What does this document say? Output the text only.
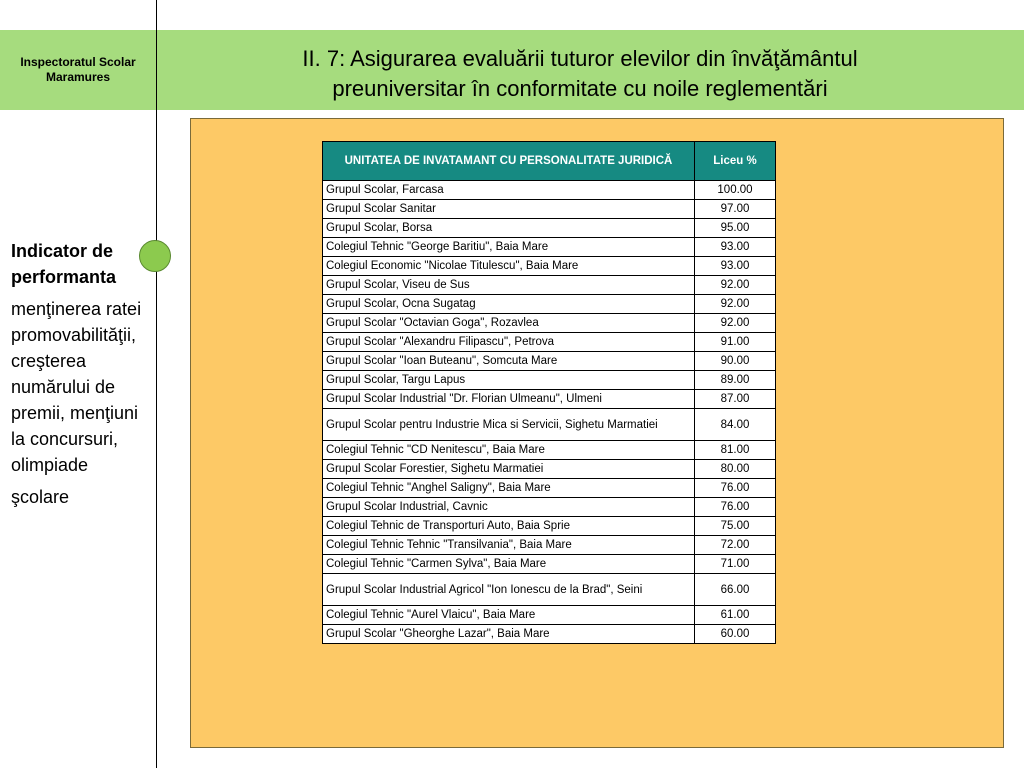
Inspectoratul Scolar
Maramures
II. 7: Asigurarea evaluării tuturor elevilor din învăţământul
preuniversitar în conformitate cu noile reglementări
Indicator de performanta
menţinerea ratei promovabilităţii, creşterea numărului de premii, menţiuni la concursuri, olimpiade
şcolare
UNITATEA DE INVATAMANT CU PERSONALITATE JURIDICĂ	Liceu %
Grupul Scolar, Farcasa	100.00
Grupul Scolar Sanitar	97.00
Grupul Scolar, Borsa	95.00
Colegiul Tehnic "George Baritiu", Baia Mare	93.00
Colegiul Economic "Nicolae Titulescu", Baia Mare	93.00
Grupul Scolar, Viseu de Sus	92.00
Grupul Scolar, Ocna Sugatag	92.00
Grupul Scolar "Octavian Goga", Rozavlea	92.00
Grupul Scolar "Alexandru Filipascu", Petrova	91.00
Grupul Scolar "Ioan Buteanu", Somcuta Mare	90.00
Grupul Scolar, Targu Lapus	89.00
Grupul Scolar Industrial "Dr. Florian Ulmeanu", Ulmeni	87.00
Grupul Scolar pentru Industrie Mica si Servicii, Sighetu Marmatiei	84.00
Colegiul Tehnic "CD Nenitescu", Baia Mare	81.00
Grupul Scolar Forestier, Sighetu Marmatiei	80.00
Colegiul Tehnic "Anghel Saligny", Baia Mare	76.00
Grupul Scolar Industrial, Cavnic	76.00
Colegiul Tehnic de Transporturi Auto, Baia Sprie	75.00
Colegiul Tehnic Tehnic "Transilvania", Baia Mare	72.00
Colegiul Tehnic "Carmen Sylva", Baia Mare	71.00
Grupul Scolar Industrial Agricol "Ion Ionescu de la Brad", Seini	66.00
Colegiul Tehnic "Aurel Vlaicu", Baia Mare	61.00
Grupul Scolar "Gheorghe Lazar", Baia Mare	60.00
